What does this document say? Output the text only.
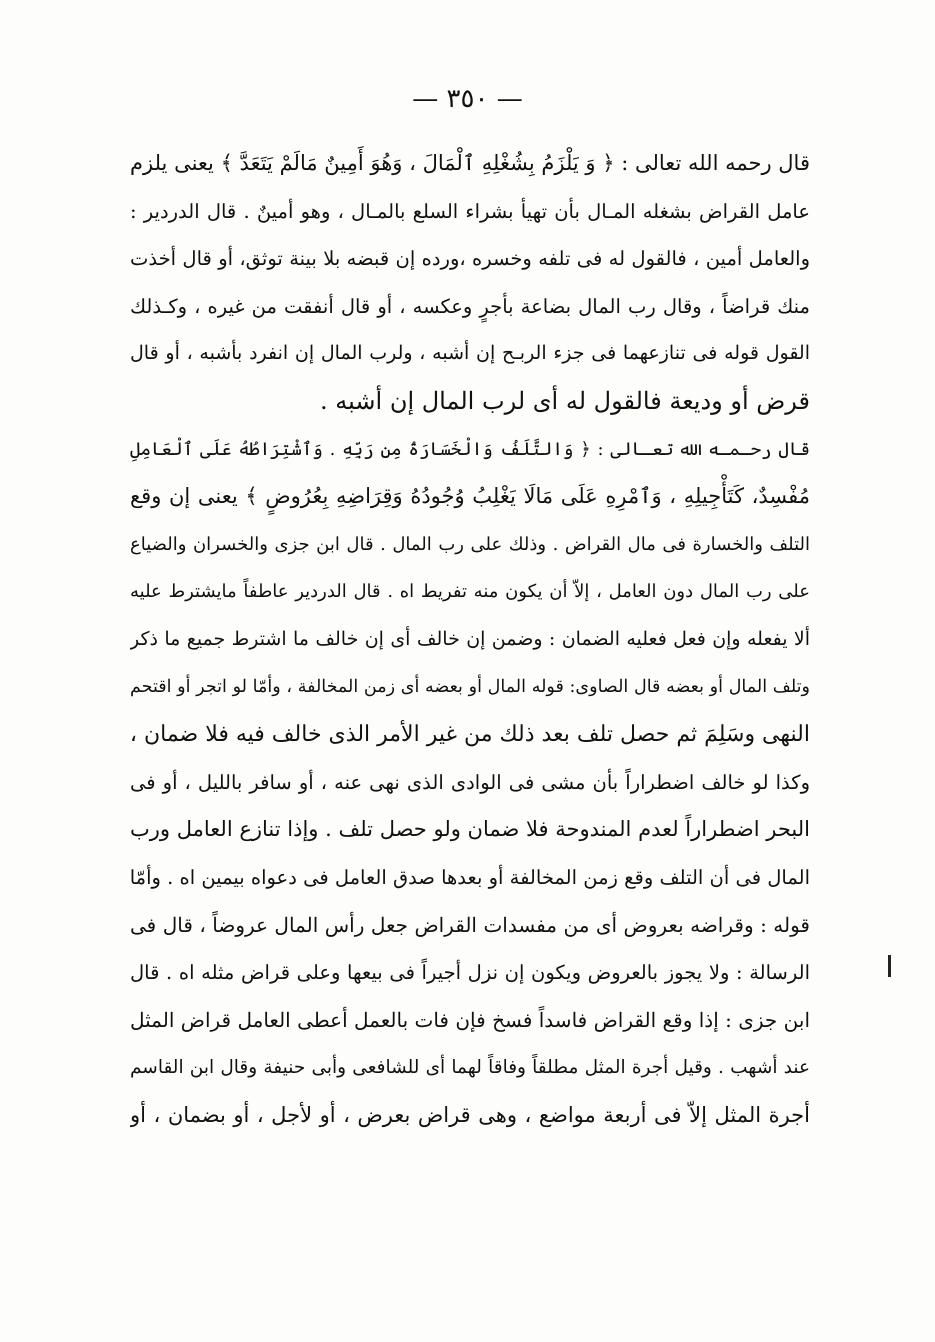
— ٣٥٠ —
قال رحمه الله تعالى : ﴿ وَ يَلْزَمُ بِشُغْلِهِ ٱلْمَالَ ، وَهُوَ أَمِينٌ مَالَمْ يَتَعَدَّ ﴾ يعنى يلزم
عامل القراض بشغله المـال بأن تهيأ بشراء السلع بالمـال ، وهو أمينٌ . قال الدردير :
والعامل أمين ، فالقول له فى تلفه وخسره ،ورده إن قبضه بلا بينة توثق، أو قال أخذت
منك قراضاً ، وقال رب المال بضاعة بأجرٍ وعكسه ، أو قال أنفقت من غيره ، وكـذلك
القول قوله فى تنازعهما فى جزء الربـح إن أشبه ، ولرب المال إن انفرد بأشبه ، أو قال
قرض أو وديعة فالقول له أى لرب المال إن أشبه .
قال رحـمـه الله تعـالى : ﴿ وَالتَّلَفُ وَالْخَسَارَةُ مِن رَبِّهِ . وَٱشْتِرَاطُهُ عَلَى ٱلْعَامِلِ
مُفْسِدٌ، كَتَأْجِيلِهِ ، وَٱمْرِهِ عَلَى مَالَا يَغْلِبُ وُجُودُهُ وَقِرَاضِهِ بِعُرُوضٍ ﴾ يعنى إن وقع
التلف والخسارة فى مال القراض . وذلك على رب المال . قال ابن جزى والخسران والضياع
على رب المال دون العامل ، إلاّ أن يكون منه تفريط اه . قال الدردير عاطفاً مايشترط عليه
ألا يفعله وإن فعل فعليه الضمان : وضمن إن خالف أى إن خالف ما اشترط جميع ما ذكر
وتلف المال أو بعضه قال الصاوى: قوله المال أو بعضه أى زمن المخالفة ، وأمّا لو اتجر أو اقتحم
النهى وسَلِمَ ثم حصل تلف بعد ذلك من غير الأمر الذى خالف فيه فلا ضمان ،
وكذا لو خالف اضطراراً بأن مشى فى الوادى الذى نهى عنه ، أو سافر بالليل ، أو فى
البحر اضطراراً لعدم المندوحة فلا ضمان ولو حصل تلف . وإذا تنازع العامل ورب
المال فى أن التلف وقع زمن المخالفة أو بعدها صدق العامل فى دعواه بيمين اه . وأمّا
قوله : وقراضه بعروض أى من مفسدات القراض جعل رأس المال عروضاً ، قال فى
الرسالة : ولا يجوز بالعروض ويكون إن نزل أجيراً فى بيعها وعلى قراض مثله اه . قال
ابن جزى : إذا وقع القراض فاسداً فسخ فإن فات بالعمل أعطى العامل قراض المثل
عند أشهب . وقيل أجرة المثل مطلقاً وفاقاً لهما أى للشافعى وأبى حنيفة وقال ابن القاسم
أجرة المثل إلاّ فى أربعة مواضع ، وهى قراض بعرض ، أو لأجل ، أو بضمان ، أو
